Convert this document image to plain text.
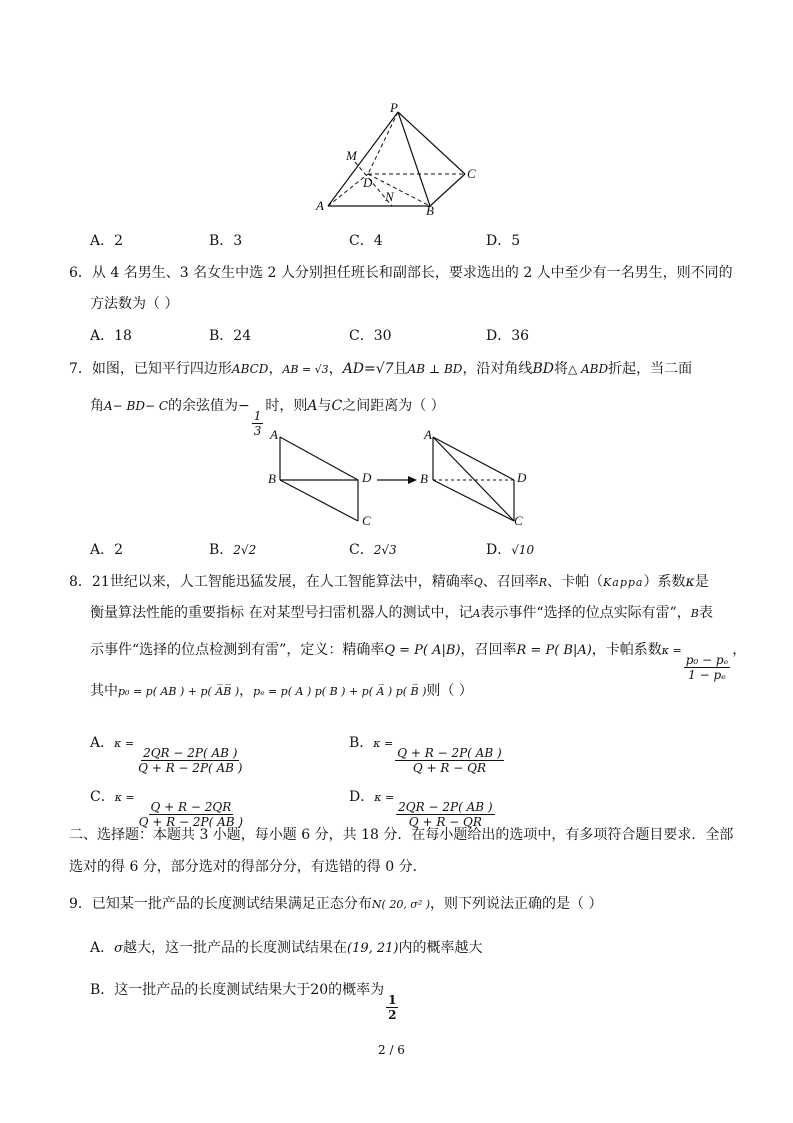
P
M
D
C
A
N
B
A．2	B．3	C．4	D．5
6．从 4 名男生、3 名女生中选 2 人分别担任班长和副部长，要求选出的 2 人中至少有一名男生，则不同的
方法数为（ ）
A．18	B．24	C．30	D．36
7．如图，已知平行四边形ABCD，AB = √3，AD=√7且AB ⊥ BD，沿对角线BD将△ ABD折起，当二面
角A− BD− C的余弦值为−
$\frac{1}{3}$
时，则A与C之间距离为（ ）
A
B	D
C
A
B	D
C
A．2	B．2√2	C．2√3	D．√10
8．21世纪以来，人工智能迅猛发展，在人工智能算法中，精确率Q、召回率R、卡帕（Kappa）系数κ是
衡量算法性能的重要指标 在对某型号扫雷机器人的测试中，记A表示事件“选择的位点实际有雷”，B表
示事件“选择的位点检测到有雷”，定义：精确率Q = P( A|B)，召回率R = P( B|A)，卡帕系数κ =
$\frac{\text{p₀ − pₑ}}{\text{1 − pₑ}}$
，
其中p₀ = p( AB ) + p( A̅B̅ )，pₑ = p( A ) p( B ) + p( A̅ ) p( B̅ )则（ ）
A．κ =
$\frac{2QR - 2P( AB )}{Q + R - 2P( AB )}$
B．κ =
$\frac{Q + R - 2P( AB )}{Q + R - QR}$
C．κ =
$\frac{Q + R - 2QR}{Q + R - 2P( AB )}$
D．κ =
$\frac{2QR - 2P( AB )}{Q + R - QR}$
二、选择题：本题共 3 小题，每小题 6 分，共 18 分．在每小题给出的选项中，有多项符合题目要求．全部
选对的得 6 分，部分选对的得部分分，有选错的得 0 分．
9．已知某一批产品的长度测试结果满足正态分布N( 20, σ² )，则下列说法正确的是（ ）
A．σ越大，这一批产品的长度测试结果在(19, 21)内的概率越大
B．这一批产品的长度测试结果大于20的概率为
$\frac{1}{2}$
2 / 6
